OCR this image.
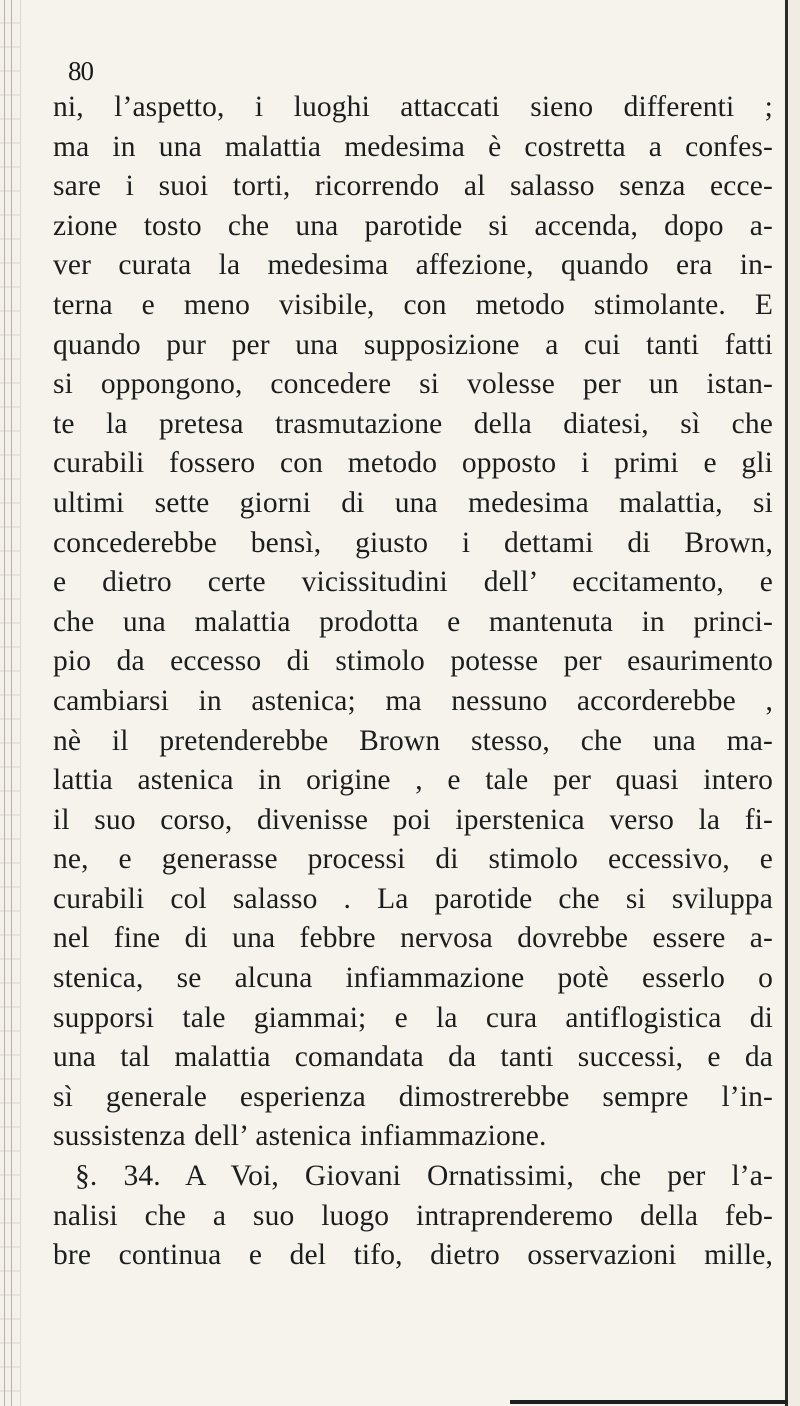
80
ni, l’aspetto, i luoghi attaccati sieno differenti ;
ma in una malattia medesima è costretta a confes-
sare i suoi torti, ricorrendo al salasso senza ecce-
zione tosto che una parotide si accenda, dopo a-
ver curata la medesima affezione, quando era in-
terna e meno visibile, con metodo stimolante. E
quando pur per una supposizione a cui tanti fatti
si oppongono, concedere si volesse per un istan-
te la pretesa trasmutazione della diatesi, sì che
curabili fossero con metodo opposto i primi e gli
ultimi sette giorni di una medesima malattia, si
concederebbe bensì, giusto i dettami di Brown,
e dietro certe vicissitudini dell’ eccitamento, e
che una malattia prodotta e mantenuta in princi-
pio da eccesso di stimolo potesse per esaurimento
cambiarsi in astenica; ma nessuno accorderebbe ,
nè il pretenderebbe Brown stesso, che una ma-
lattia astenica in origine , e tale per quasi intero
il suo corso, divenisse poi iperstenica verso la fi-
ne, e generasse processi di stimolo eccessivo, e
curabili col salasso . La parotide che si sviluppa
nel fine di una febbre nervosa dovrebbe essere a-
stenica, se alcuna infiammazione potè esserlo o
supporsi tale giammai; e la cura antiflogistica di
una tal malattia comandata da tanti successi, e da
sì generale esperienza dimostrerebbe sempre l’in-
sussistenza dell’ astenica infiammazione.
§. 34. A Voi, Giovani Ornatissimi, che per l’a-
nalisi che a suo luogo intraprenderemo della feb-
bre continua e del tifo, dietro osservazioni mille,
